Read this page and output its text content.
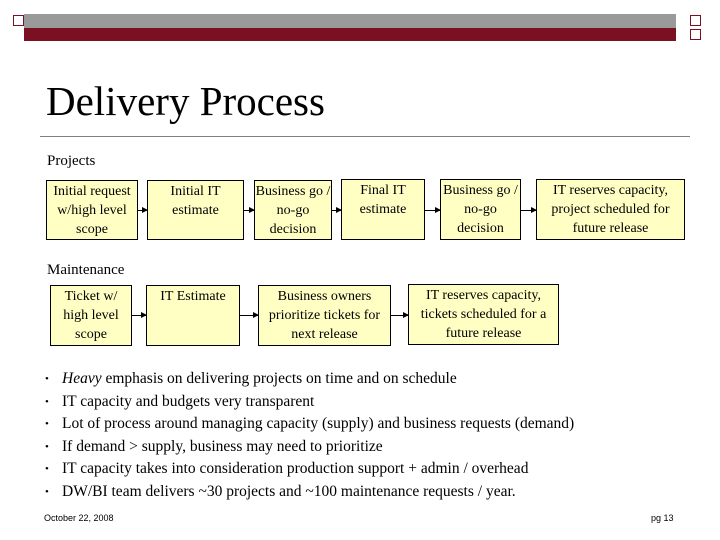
Delivery Process
Projects
Initial request w/high level scope
Initial IT estimate
Business go / no-go decision
Final IT estimate
Business go / no-go decision
IT reserves capacity, project scheduled for future release
Maintenance
Ticket w/ high level scope
IT Estimate	Business owners prioritize tickets for next release
IT reserves capacity, tickets scheduled for a future release
• Heavy emphasis on delivering projects on time and on schedule
• IT capacity and budgets very transparent
• Lot of process around managing capacity (supply) and business requests (demand)
• If demand > supply, business may need to prioritize
• IT capacity takes into consideration production support + admin / overhead
• DW/BI team delivers ~30 projects and ~100 maintenance requests / year.
October 22, 2008	pg 13
